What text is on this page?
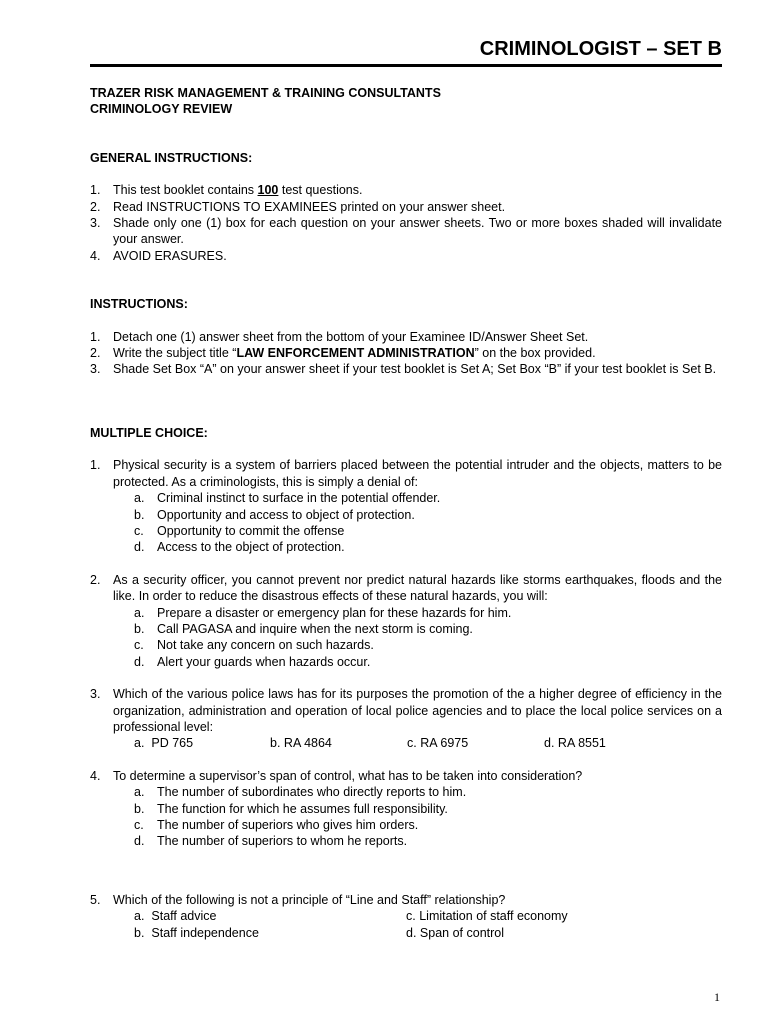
CRIMINOLOGIST – SET B
TRAZER RISK MANAGEMENT & TRAINING CONSULTANTS
CRIMINOLOGY REVIEW
GENERAL INSTRUCTIONS:
1. This test booklet contains 100 test questions.
2. Read INSTRUCTIONS TO EXAMINEES printed on your answer sheet.
3. Shade only one (1) box for each question on your answer sheets. Two or more boxes shaded will invalidate your answer.
4. AVOID ERASURES.
INSTRUCTIONS:
1. Detach one (1) answer sheet from the bottom of your Examinee ID/Answer Sheet Set.
2. Write the subject title “LAW ENFORCEMENT ADMINISTRATION” on the box provided.
3. Shade Set Box “A” on your answer sheet if your test booklet is Set A; Set Box “B” if your test booklet is Set B.
MULTIPLE CHOICE:
1. Physical security is a system of barriers placed between the potential intruder and the objects, matters to be protected. As a criminologists, this is simply a denial of:
a. Criminal instinct to surface in the potential offender.
b. Opportunity and access to object of protection.
c. Opportunity to commit the offense
d. Access to the object of protection.
2. As a security officer, you cannot prevent nor predict natural hazards like storms earthquakes, floods and the like. In order to reduce the disastrous effects of these natural hazards, you will:
a. Prepare a disaster or emergency plan for these hazards for him.
b. Call PAGASA and inquire when the next storm is coming.
c. Not take any concern on such hazards.
d. Alert your guards when hazards occur.
3. Which of the various police laws has for its purposes the promotion of the a higher degree of efficiency in the organization, administration and operation of local police agencies and to place the local police services on a professional level:
a. PD 765	b. RA 4864	c. RA 6975	d. RA 8551
4. To determine a supervisor’s span of control, what has to be taken into consideration?
a. The number of subordinates who directly reports to him.
b. The function for which he assumes full responsibility.
c. The number of superiors who gives him orders.
d. The number of superiors to whom he reports.
5. Which of the following is not a principle of “Line and Staff” relationship?
a. Staff advice	c. Limitation of staff economy
b. Staff independence	d. Span of control
1
